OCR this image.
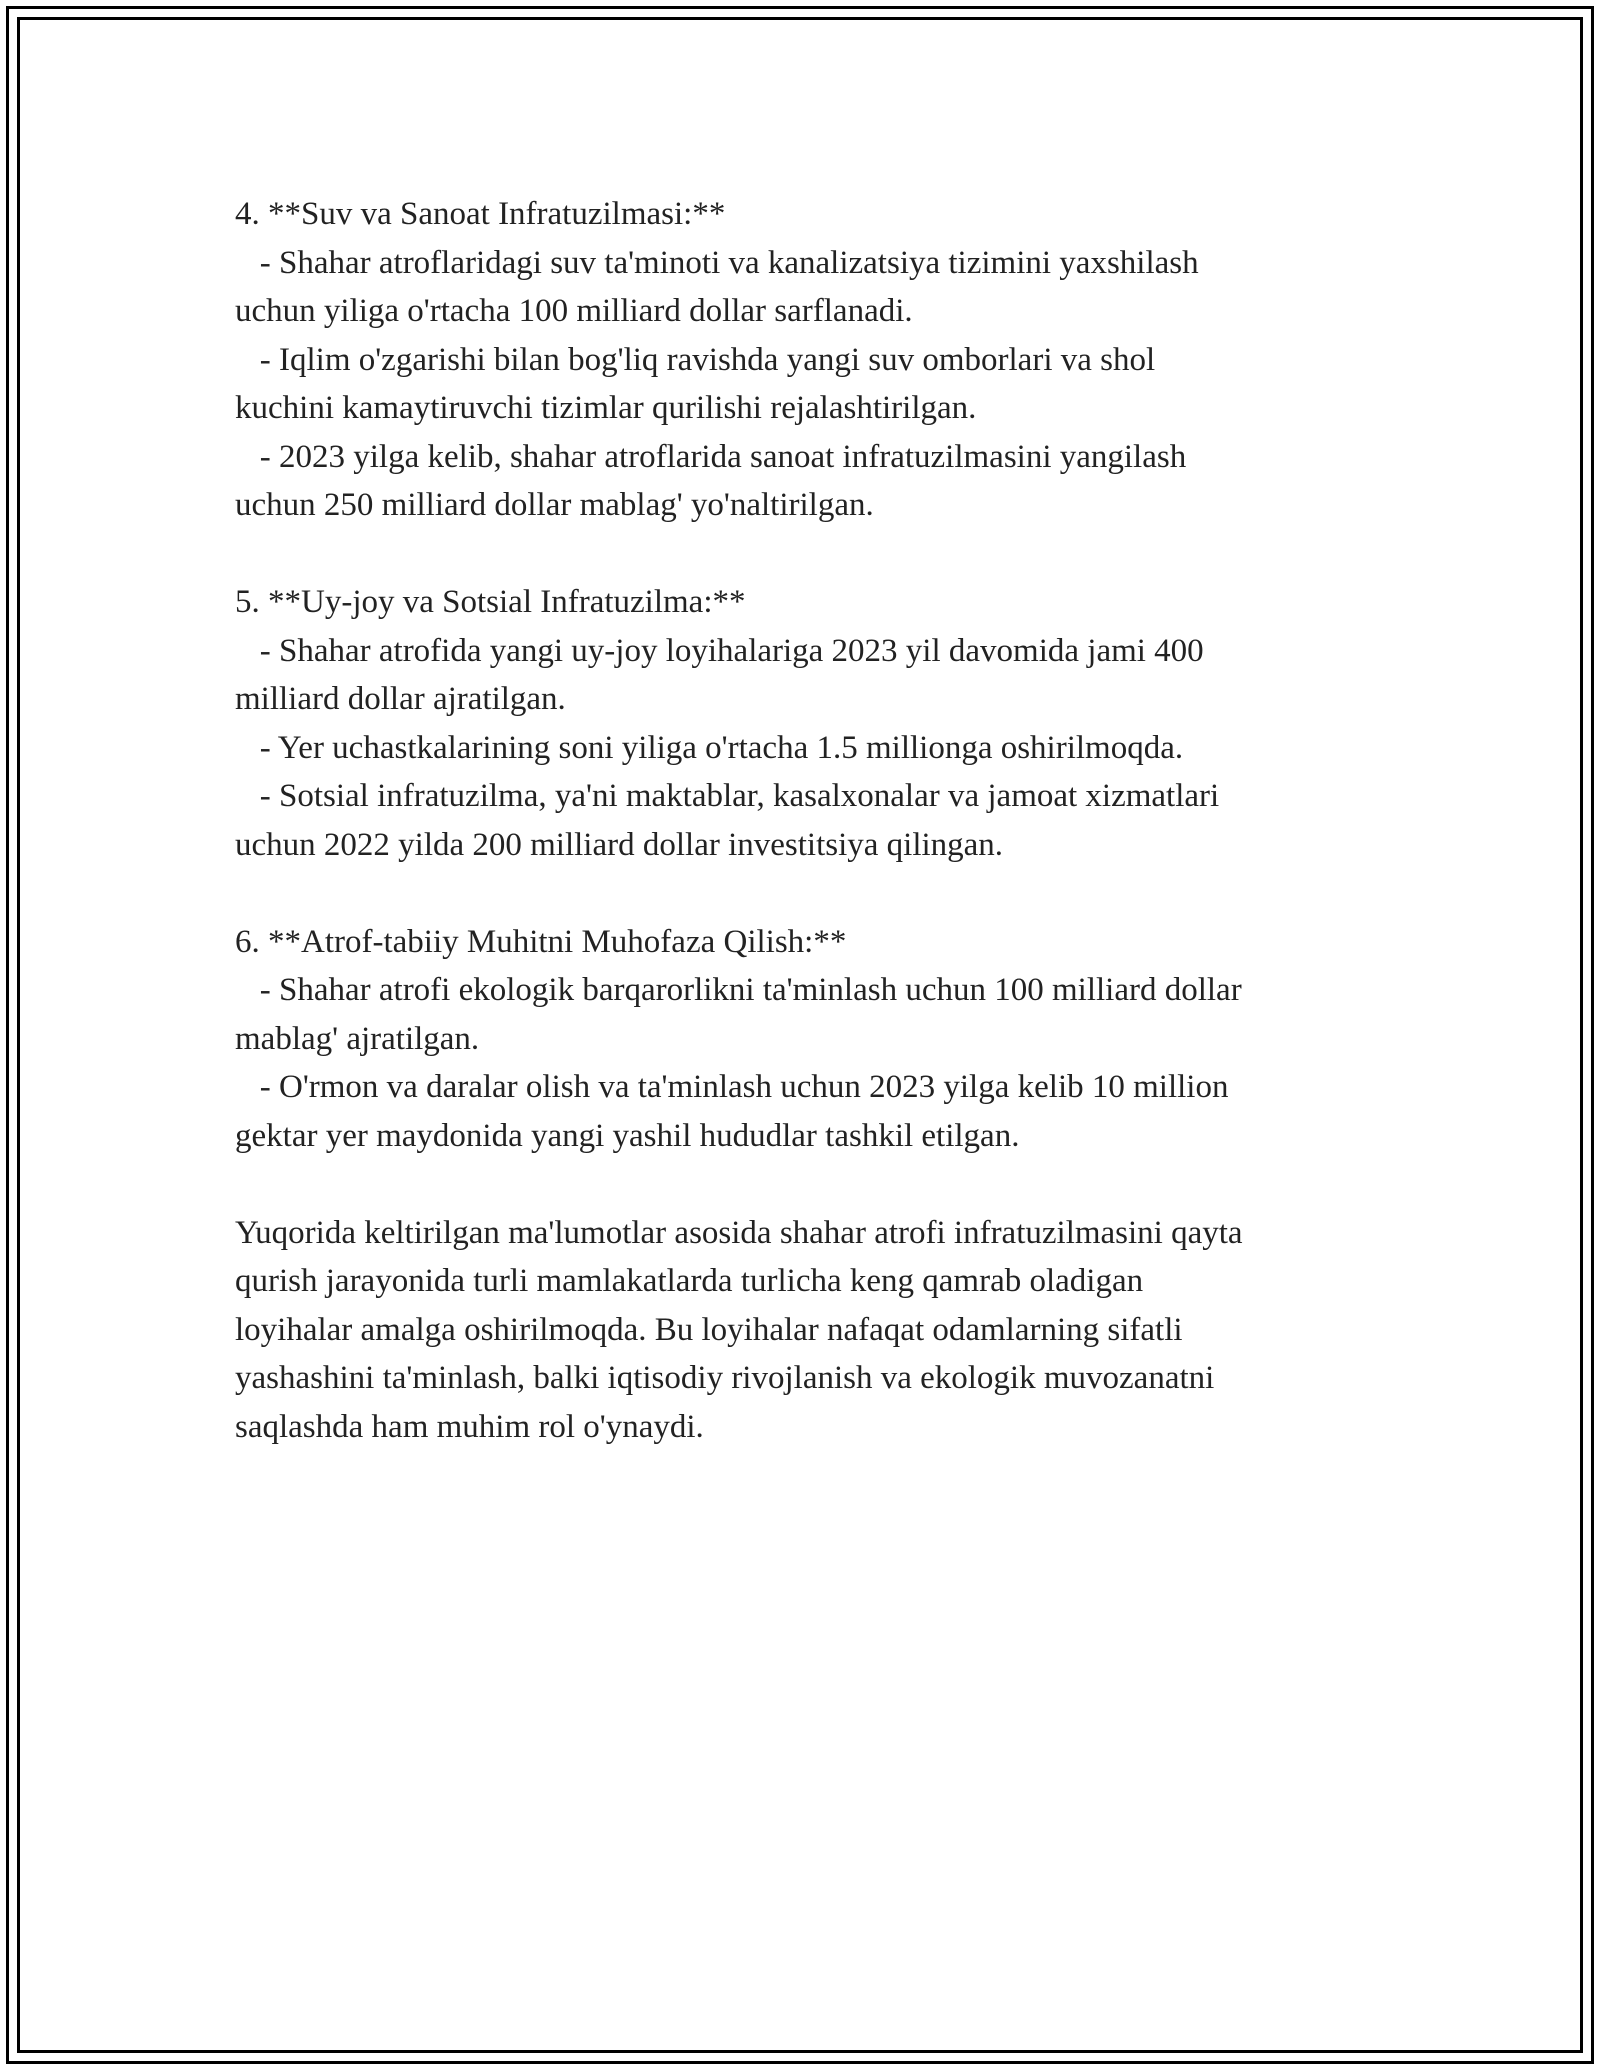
4. **Suv va Sanoat Infratuzilmasi:**

- Shahar atroflaridagi suv ta'minoti va kanalizatsiya tizimini yaxshilash

uchun yiliga o'rtacha 100 milliard dollar sarflanadi.

- Iqlim o'zgarishi bilan bog'liq ravishda yangi suv omborlari va shol

kuchini kamaytiruvchi tizimlar qurilishi rejalashtirilgan.

- 2023 yilga kelib, shahar atroflarida sanoat infratuzilmasini yangilash

uchun 250 milliard dollar mablag' yo'naltirilgan.

5. **Uy-joy va Sotsial Infratuzilma:**

- Shahar atrofida yangi uy-joy loyihalariga 2023 yil davomida jami 400

milliard dollar ajratilgan.

- Yer uchastkalarining soni yiliga o'rtacha 1.5 millionga oshirilmoqda.

- Sotsial infratuzilma, ya'ni maktablar, kasalxonalar va jamoat xizmatlari

uchun 2022 yilda 200 milliard dollar investitsiya qilingan.

6. **Atrof-tabiiy Muhitni Muhofaza Qilish:**

- Shahar atrofi ekologik barqarorlikni ta'minlash uchun 100 milliard dollar

mablag' ajratilgan.

- O'rmon va daralar olish va ta'minlash uchun 2023 yilga kelib 10 million

gektar yer maydonida yangi yashil hududlar tashkil etilgan.

Yuqorida keltirilgan ma'lumotlar asosida shahar atrofi infratuzilmasini qayta

qurish jarayonida turli mamlakatlarda turlicha keng qamrab oladigan

loyihalar amalga oshirilmoqda. Bu loyihalar nafaqat odamlarning sifatli

yashashini ta'minlash, balki iqtisodiy rivojlanish va ekologik muvozanatni

saqlashda ham muhim rol o'ynaydi.
